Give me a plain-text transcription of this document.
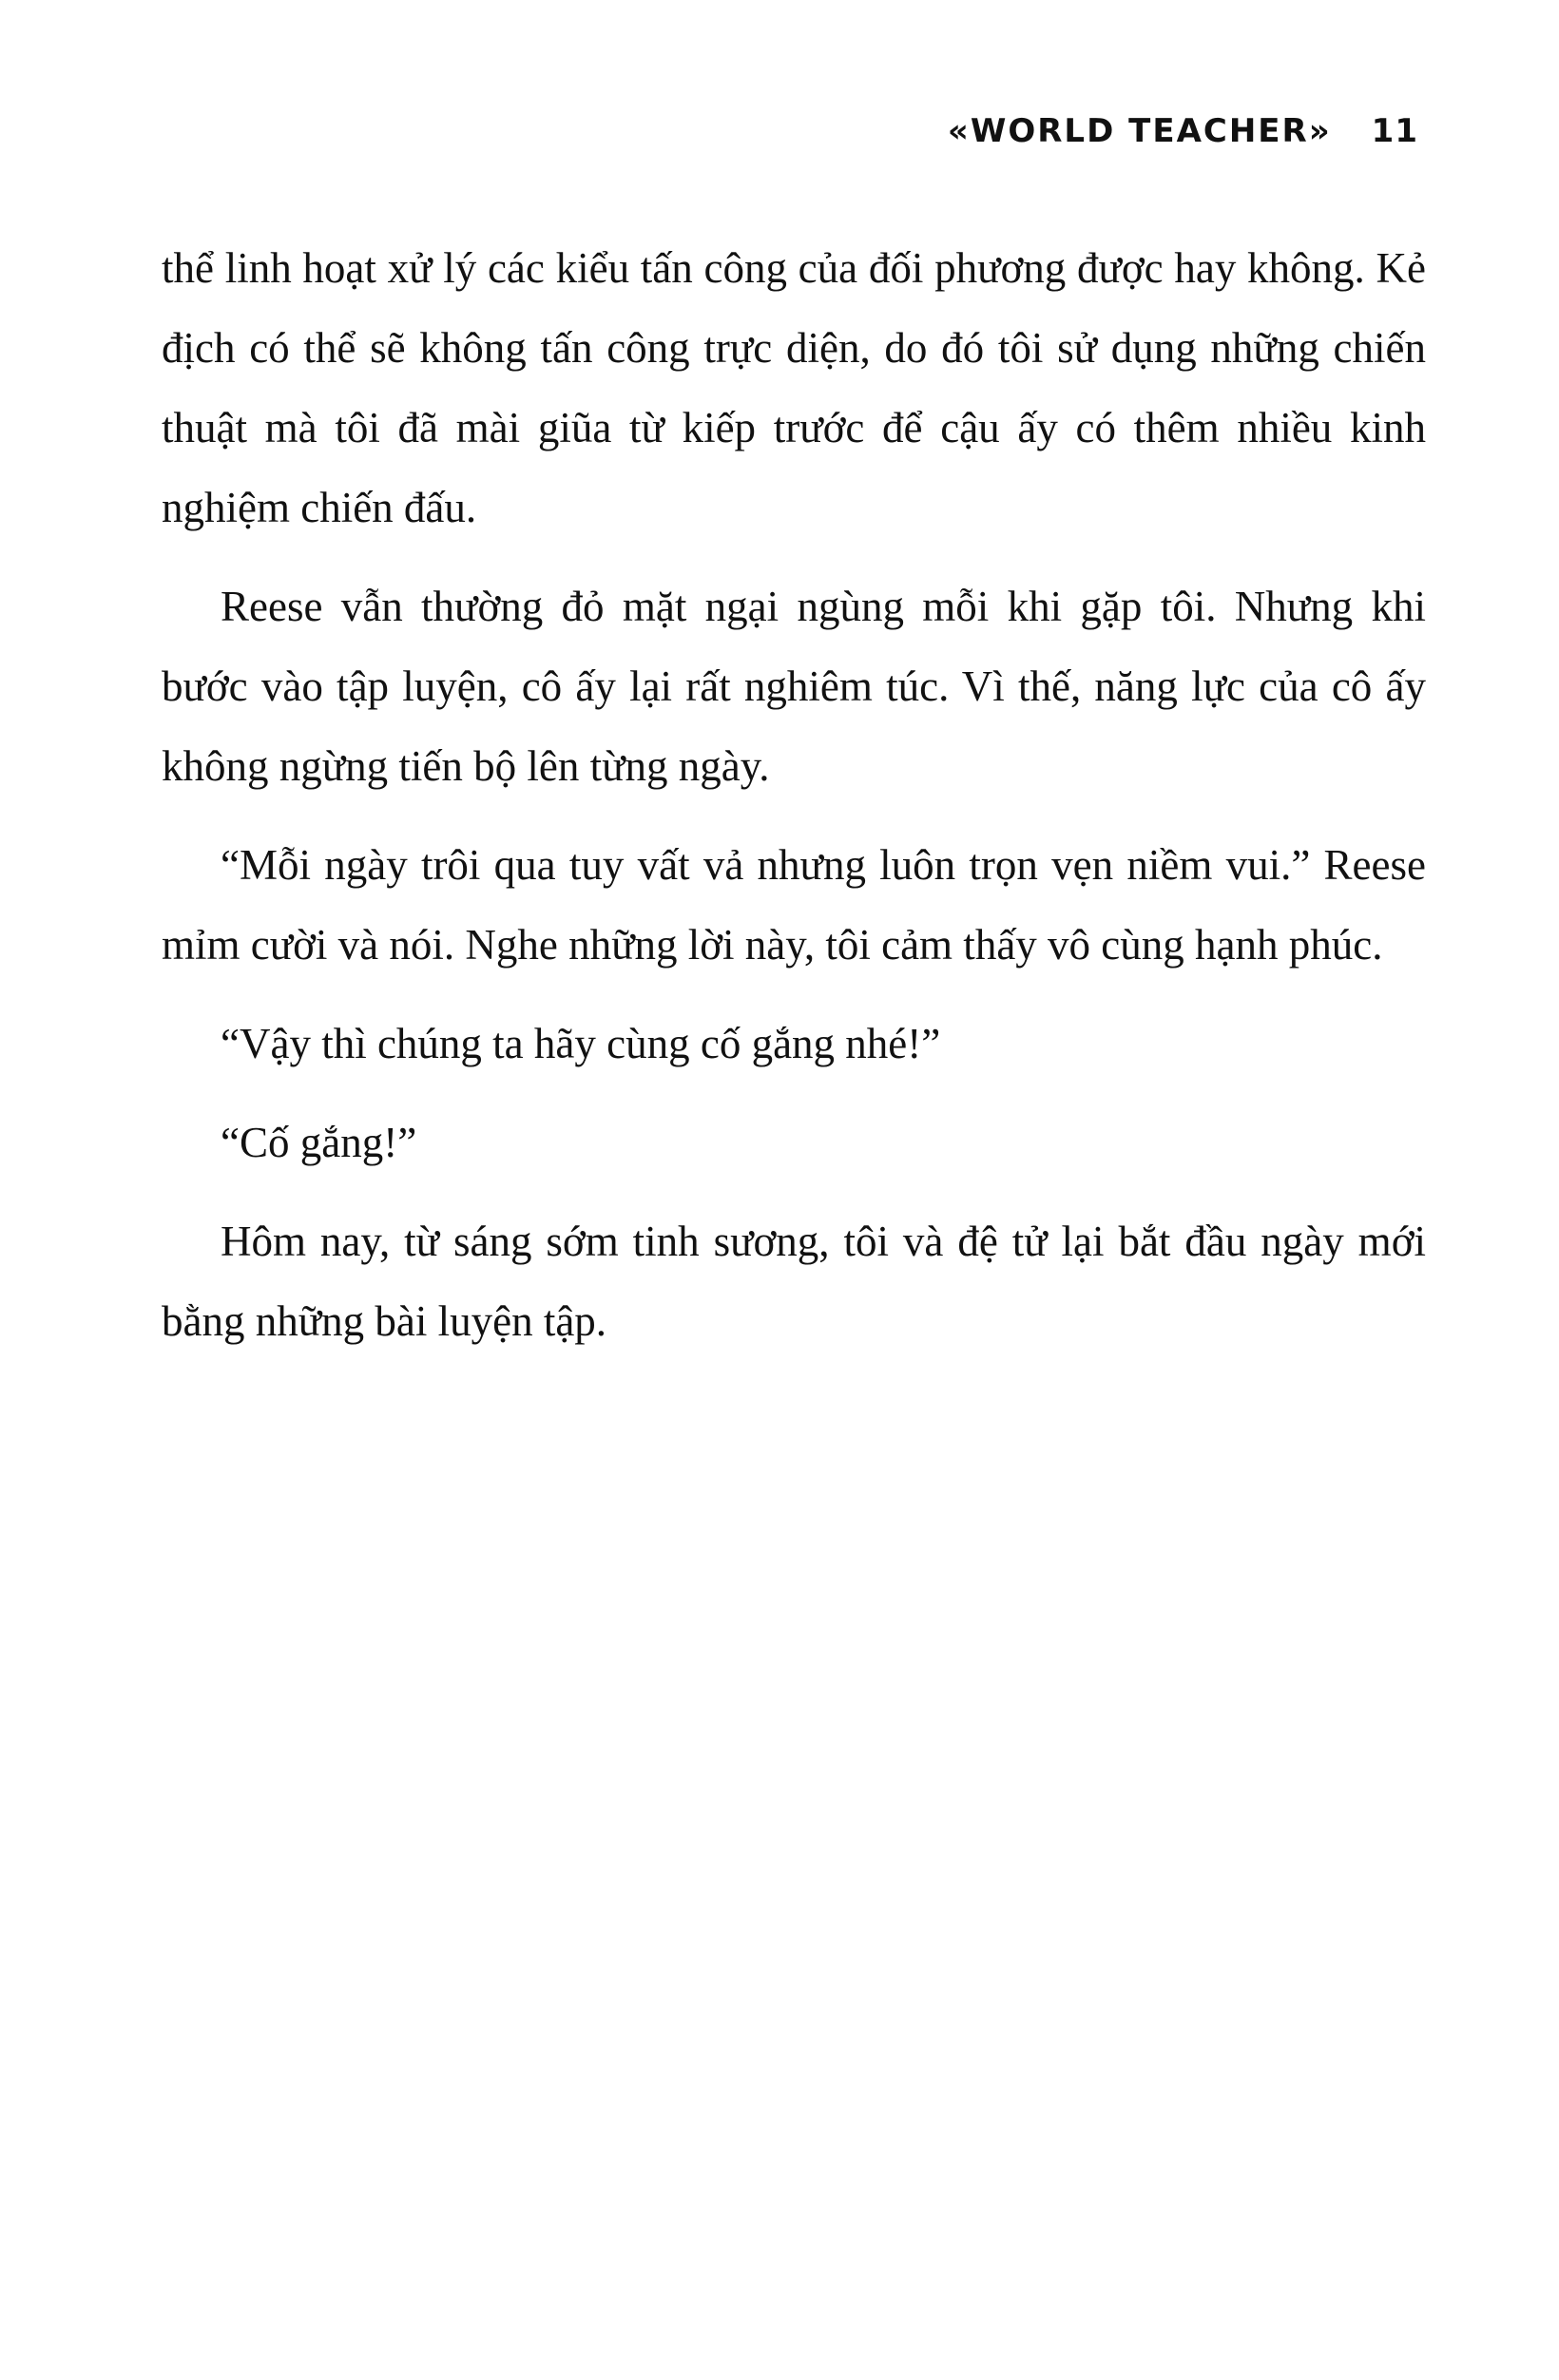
«WORLD TEACHER» 11

thể linh hoạt xử lý các kiểu tấn công của đối phương được hay không. Kẻ địch có thể sẽ không tấn công trực diện, do đó tôi sử dụng những chiến thuật mà tôi đã mài giũa từ kiếp trước để cậu ấy có thêm nhiều kinh nghiệm chiến đấu.

Reese vẫn thường đỏ mặt ngại ngùng mỗi khi gặp tôi. Nhưng khi bước vào tập luyện, cô ấy lại rất nghiêm túc. Vì thế, năng lực của cô ấy không ngừng tiến bộ lên từng ngày.

“Mỗi ngày trôi qua tuy vất vả nhưng luôn trọn vẹn niềm vui.” Reese mỉm cười và nói. Nghe những lời này, tôi cảm thấy vô cùng hạnh phúc.

“Vậy thì chúng ta hãy cùng cố gắng nhé!”

“Cố gắng!”

Hôm nay, từ sáng sớm tinh sương, tôi và đệ tử lại bắt đầu ngày mới bằng những bài luyện tập.
